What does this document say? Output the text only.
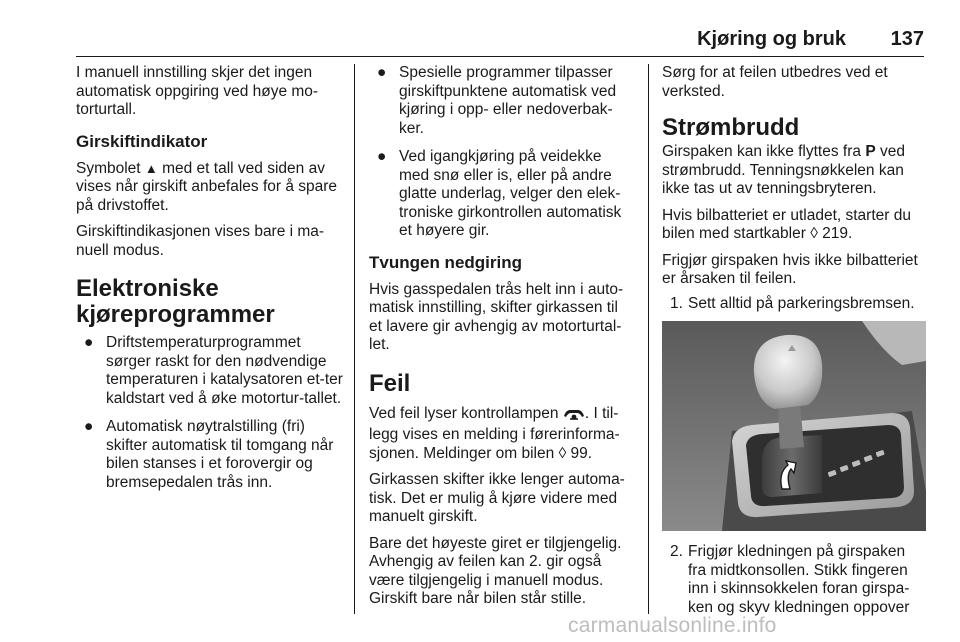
Kjøring og bruk 137

I manuell innstilling skjer det ingen automatisk oppgiring ved høye mo-torturtall.

Girskiftindikator

Symbolet ▲ med et tall ved siden av vises når girskift anbefales for å spare på drivstoffet.

Girskiftindikasjonen vises bare i ma-nuell modus.

Elektroniske
kjøreprogrammer
● Driftstemperaturprogrammet sørger raskt for den nødvendige temperaturen i katalysatoren et-ter kaldstart ved å øke motortur-tallet.
● Automatisk nøytralstilling (fri) skifter automatisk til tomgang når bilen stanses i et forovergir og bremsepedalen trås inn.
● Spesielle programmer tilpasser girskiftpunktene automatisk ved kjøring i opp- eller nedoverbak-ker.
● Ved igangkjøring på veidekke med snø eller is, eller på andre glatte underlag, velger den elek-troniske girkontrollen automatisk et høyere gir.
Tvungen nedgiring

Hvis gasspedalen trås helt inn i auto-matisk innstilling, skifter girkassen til et lavere gir avhengig av motorturtal-let.

Feil

Ved feil lyser kontrollampen . I til-legg vises en melding i førerinforma-sjonen. Meldinger om bilen ◊ 99.

Girkassen skifter ikke lenger automa-tisk. Det er mulig å kjøre videre med manuelt girskift.

Bare det høyeste giret er tilgjengelig. Avhengig av feilen kan 2. gir også være tilgjengelig i manuell modus. Girskift bare når bilen står stille.

Sørg for at feilen utbedres ved et verksted.

Strømbrudd

Girspaken kan ikke flyttes fra P ved strømbrudd. Tenningsnøkkelen kan ikke tas ut av tenningsbryteren.

Hvis bilbatteriet er utladet, starter du bilen med startkabler ◊ 219.

Frigjør girspaken hvis ikke bilbatteriet er årsaken til feilen.

1. Sett alltid på parkeringsbremsen.
2. Frigjør kledningen på girspaken fra midtkonsollen. Stikk fingeren inn i skinnsokkelen foran girspa-ken og skyv kledningen oppover
carmanualsonline.info
